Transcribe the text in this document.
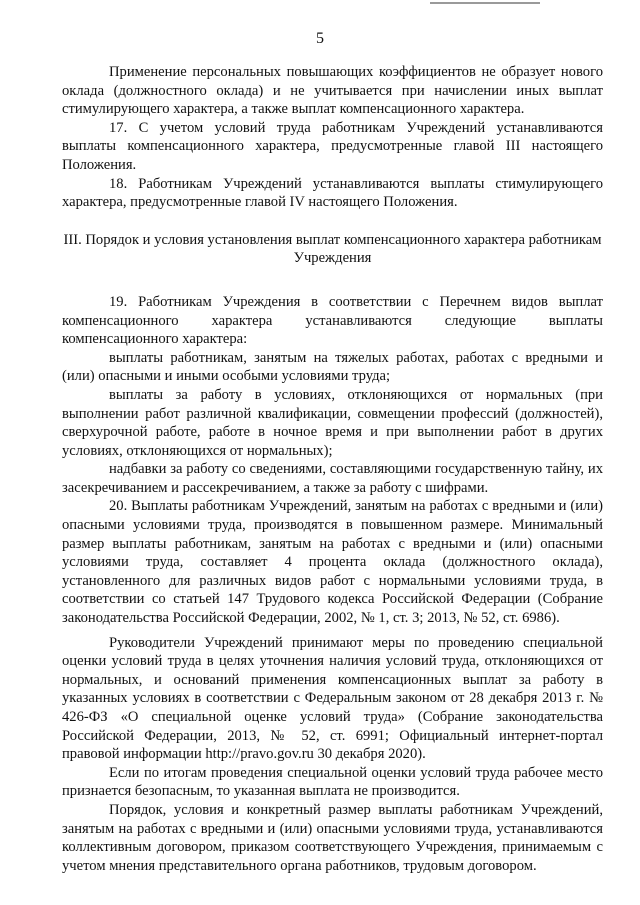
5

Применение персональных повышающих коэффициентов не образует нового оклада (должностного оклада) и не учитывается при начислении иных выплат стимулирующего характера, а также выплат компенсационного характера.

17. С учетом условий труда работникам Учреждений устанавливаются выплаты компенсационного характера, предусмотренные главой III настоящего Положения.

18. Работникам Учреждений устанавливаются выплаты стимулирующего характера, предусмотренные главой IV настоящего Положения.

III. Порядок и условия установления выплат компенсационного характера работникам Учреждения

19. Работникам Учреждения в соответствии с Перечнем видов выплат компенсационного характера устанавливаются следующие выплаты компенсационного характера:

выплаты работникам, занятым на тяжелых работах, работах с вредными и (или) опасными и иными особыми условиями труда;

выплаты за работу в условиях, отклоняющихся от нормальных (при выполнении работ различной квалификации, совмещении профессий (должностей), сверхурочной работе, работе в ночное время и при выполнении работ в других условиях, отклоняющихся от нормальных);

надбавки за работу со сведениями, составляющими государственную тайну, их засекречиванием и рассекречиванием, а также за работу с шифрами.

20. Выплаты работникам Учреждений, занятым на работах с вредными и (или) опасными условиями труда, производятся в повышенном размере. Минимальный размер выплаты работникам, занятым на работах с вредными и (или) опасными условиями труда, составляет 4 процента оклада (должностного оклада), установленного для различных видов работ с нормальными условиями труда, в соответствии со статьей 147 Трудового кодекса Российской Федерации (Собрание законодательства Российской Федерации, 2002, № 1, ст. 3; 2013, № 52, ст. 6986).

Руководители Учреждений принимают меры по проведению специальной оценки условий труда в целях уточнения наличия условий труда, отклоняющихся от нормальных, и оснований применения компенсационных выплат за работу в указанных условиях в соответствии с Федеральным законом от 28 декабря 2013 г. № 426-ФЗ «О специальной оценке условий труда» (Собрание законодательства Российской Федерации, 2013, № 52, ст. 6991; Официальный интернет-портал правовой информации http://pravo.gov.ru 30 декабря 2020).

Если по итогам проведения специальной оценки условий труда рабочее место признается безопасным, то указанная выплата не производится.

Порядок, условия и конкретный размер выплаты работникам Учреждений, занятым на работах с вредными и (или) опасными условиями труда, устанавливаются коллективным договором, приказом соответствующего Учреждения, принимаемым с учетом мнения представительного органа работников, трудовым договором.
